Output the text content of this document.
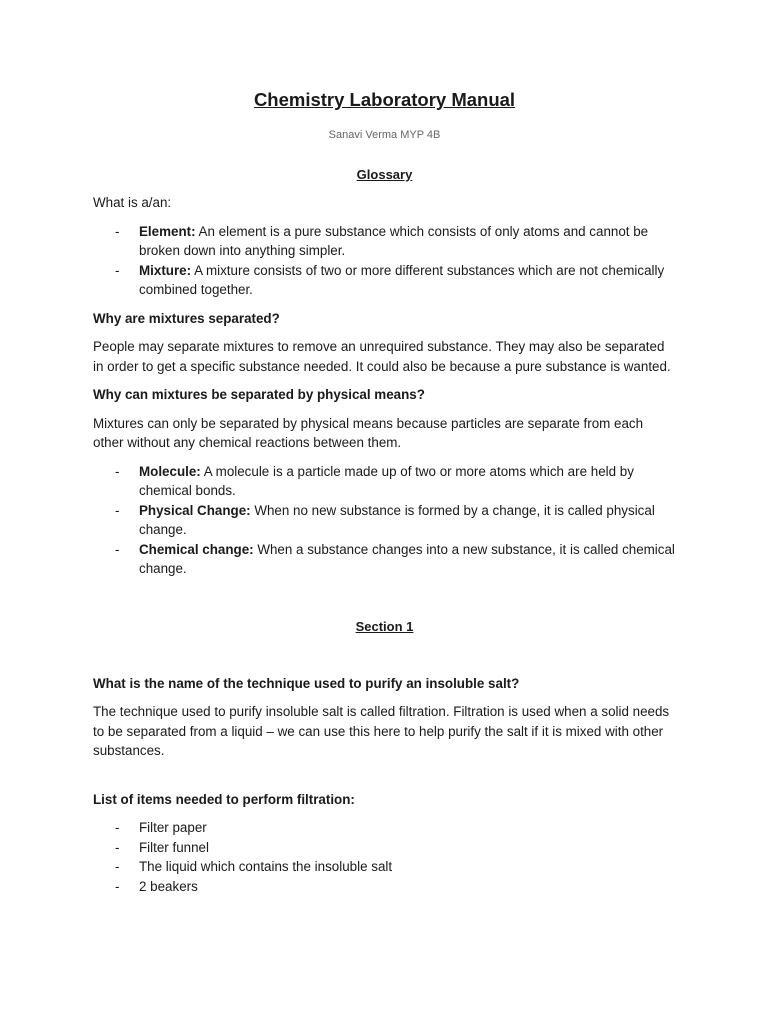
Chemistry Laboratory Manual
Sanavi Verma MYP 4B
Glossary

What is a/an:

- Element: An element is a pure substance which consists of only atoms and cannot be broken down into anything simpler.
- Mixture: A mixture consists of two or more different substances which are not chemically combined together.

Why are mixtures separated?

People may separate mixtures to remove an unrequired substance. They may also be separated in order to get a specific substance needed. It could also be because a pure substance is wanted.

Why can mixtures be separated by physical means?

Mixtures can only be separated by physical means because particles are separate from each other without any chemical reactions between them.

- Molecule: A molecule is a particle made up of two or more atoms which are held by chemical bonds.
- Physical Change: When no new substance is formed by a change, it is called physical change.
- Chemical change: When a substance changes into a new substance, it is called chemical change.
Section 1

What is the name of the technique used to purify an insoluble salt?

The technique used to purify insoluble salt is called filtration. Filtration is used when a solid needs to be separated from a liquid – we can use this here to help purify the salt if it is mixed with other substances.

List of items needed to perform filtration:

- Filter paper
- Filter funnel
- The liquid which contains the insoluble salt
- 2 beakers
